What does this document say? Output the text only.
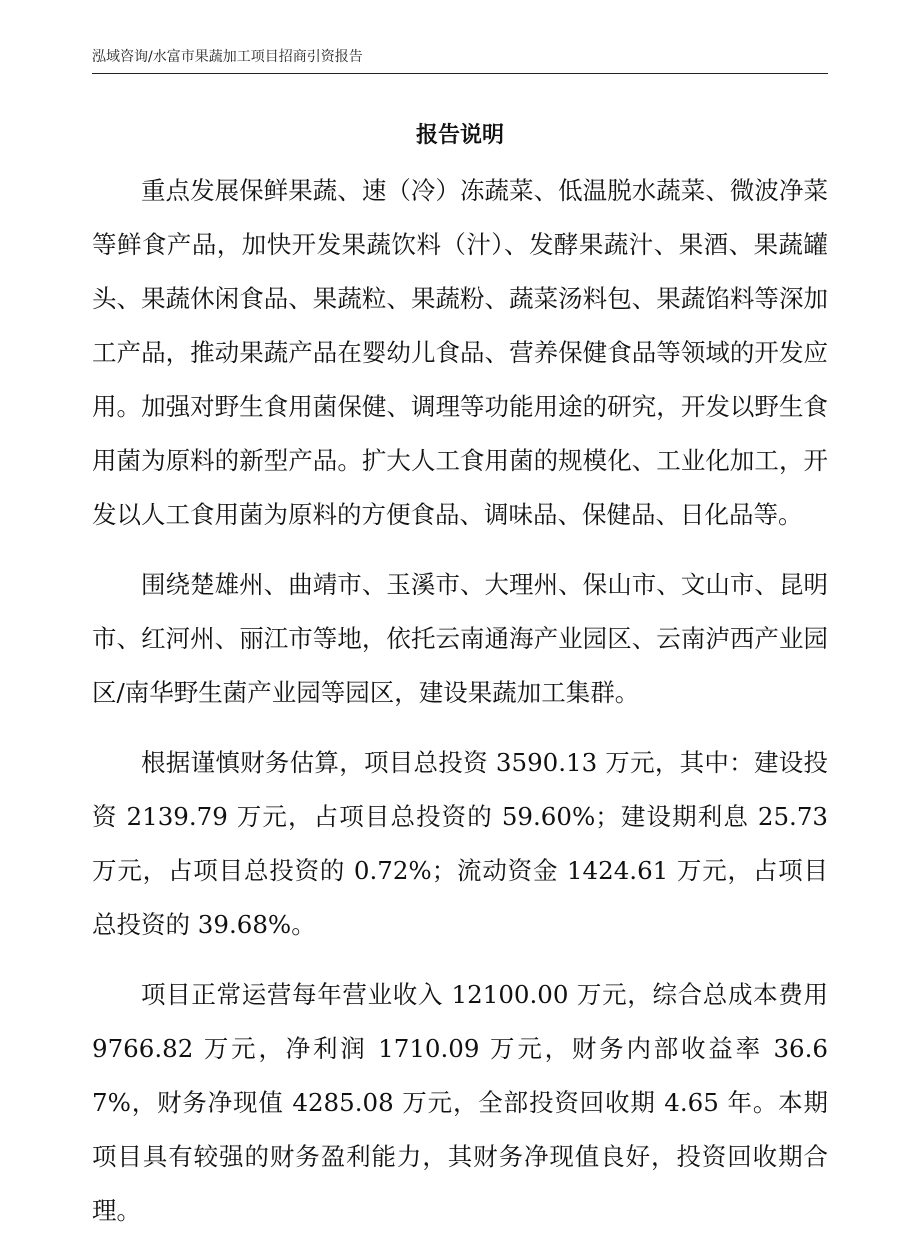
泓域咨询/水富市果蔬加工项目招商引资报告
报告说明

重点发展保鲜果蔬、速（冷）冻蔬菜、低温脱水蔬菜、微波净菜等鲜食产品，加快开发果蔬饮料（汁）、发酵果蔬汁、果酒、果蔬罐头、果蔬休闲食品、果蔬粒、果蔬粉、蔬菜汤料包、果蔬馅料等深加工产品，推动果蔬产品在婴幼儿食品、营养保健食品等领域的开发应用。加强对野生食用菌保健、调理等功能用途的研究，开发以野生食用菌为原料的新型产品。扩大人工食用菌的规模化、工业化加工，开发以人工食用菌为原料的方便食品、调味品、保健品、日化品等。

围绕楚雄州、曲靖市、玉溪市、大理州、保山市、文山市、昆明市、红河州、丽江市等地，依托云南通海产业园区、云南泸西产业园区/南华野生菌产业园等园区，建设果蔬加工集群。

根据谨慎财务估算，项目总投资 3590.13 万元，其中：建设投资 2139.79 万元，占项目总投资的 59.60%；建设期利息 25.73 万元，占项目总投资的 0.72%；流动资金 1424.61 万元，占项目总投资的 39.68%。

项目正常运营每年营业收入 12100.00 万元，综合总成本费用 9766.82 万元，净利润 1710.09 万元，财务内部收益率 36.67%，财务净现值 4285.08 万元，全部投资回收期 4.65 年。本期项目具有较强的财务盈利能力，其财务净现值良好，投资回收期合理。
